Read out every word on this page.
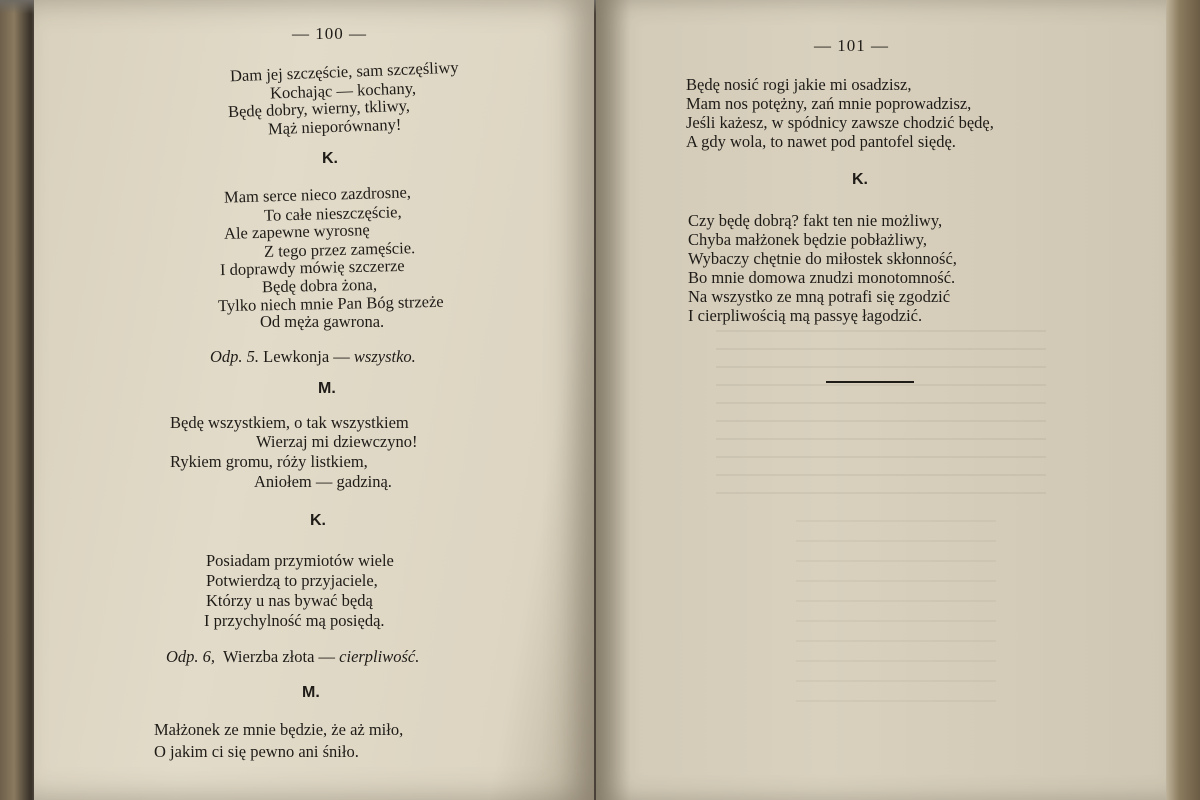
— 100 —
Dam jej szczęście, sam szczęśliwy
Kochając — kochany,
Będę dobry, wierny, tkliwy,
Mąż nieporównany!
K.
Mam serce nieco zazdrosne,
To całe nieszczęście,
Ale zapewne wyrosnę
Z tego przez zamęście.
I doprawdy mówię szczerze
Będę dobra żona,
Tylko niech mnie Pan Bóg strzeże
Od męża gawrona.
Odp. 5. Lewkonja — wszystko.
M.
Będę wszystkiem, o tak wszystkiem
Wierzaj mi dziewczyno!
Rykiem gromu, róży listkiem,
Aniołem — gadziną.
K.
Posiadam przymiotów wiele
Potwierdzą to przyjaciele,
Którzy u nas bywać będą
I przychylność mą posiędą.
Odp. 6, Wierzba złota — cierpliwość.
M.
Małżonek ze mnie będzie, że aż miło,
O jakim ci się pewno ani śniło.
— 101 —
Będę nosić rogi jakie mi osadzisz,
Mam nos potężny, zań mnie poprowadzisz,
Jeśli każesz, w spódnicy zawsze chodzić będę,
A gdy wola, to nawet pod pantofel siędę.
K.
Czy będę dobrą? fakt ten nie możliwy,
Chyba małżonek będzie pobłażliwy,
Wybaczy chętnie do miłostek skłonność,
Bo mnie domowa znudzi monotomność.
Na wszystko ze mną potrafi się zgodzić
I cierpliwością mą passyę łagodzić.
